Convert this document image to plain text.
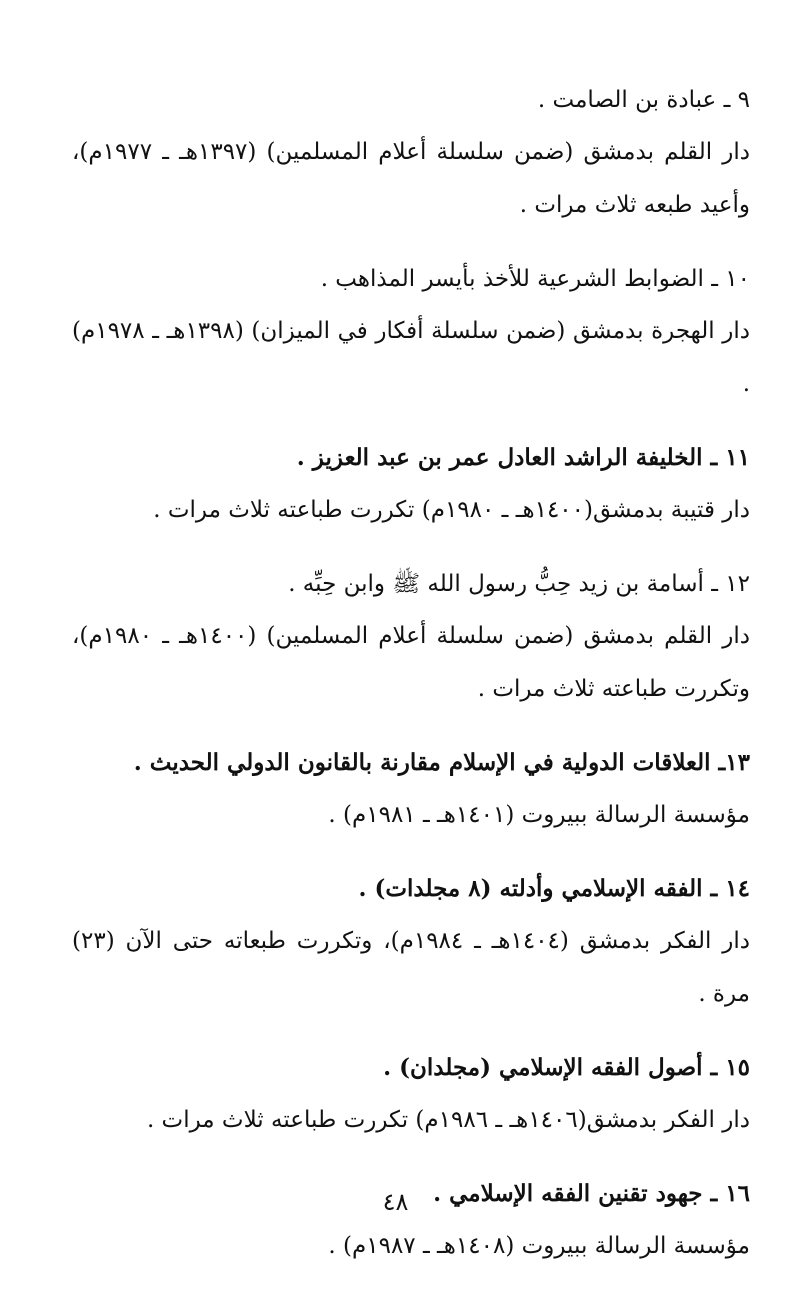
٩ ـ عبادة بن الصامت .
دار القلم بدمشق (ضمن سلسلة أعلام المسلمين) (١٣٩٧هـ ـ ١٩٧٧م)، وأعيد طبعه ثلاث مرات .
١٠ ـ الضوابط الشرعية للأخذ بأيسر المذاهب .
دار الهجرة بدمشق (ضمن سلسلة أفكار في الميزان) (١٣٩٨هـ ـ ١٩٧٨م) .
١١ ـ الخليفة الراشد العادل عمر بن عبد العزيز .
دار قتيبة بدمشق(١٤٠٠هـ ـ ١٩٨٠م) تكررت طباعته ثلاث مرات .
١٢ ـ أسامة بن زيد حِبُّ رسول الله ﷺ وابن حِبِّه .
دار القلم بدمشق (ضمن سلسلة أعلام المسلمين) (١٤٠٠هـ ـ ١٩٨٠م)، وتكررت طباعته ثلاث مرات .
١٣ـ العلاقات الدولية في الإسلام مقارنة بالقانون الدولي الحديث .
مؤسسة الرسالة ببيروت (١٤٠١هـ ـ ١٩٨١م) .
١٤ ـ الفقه الإسلامي وأدلته (٨ مجلدات) .
دار الفكر بدمشق (١٤٠٤هـ ـ ١٩٨٤م)، وتكررت طبعاته حتى الآن (٢٣) مرة .
١٥ ـ أصول الفقه الإسلامي (مجلدان) .
دار الفكر بدمشق(١٤٠٦هـ ـ ١٩٨٦م) تكررت طباعته ثلاث مرات .
١٦ ـ جهود تقنين الفقه الإسلامي .
مؤسسة الرسالة ببيروت (١٤٠٨هـ ـ ١٩٨٧م) .
٤٨
